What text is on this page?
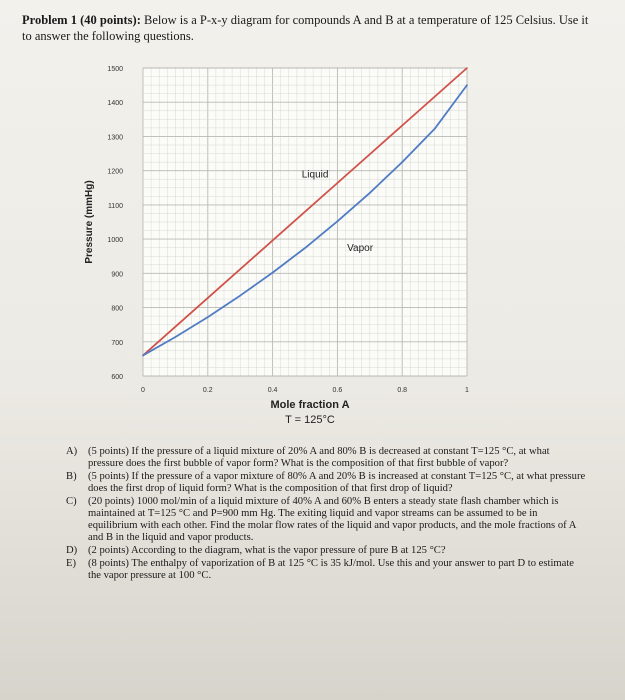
Problem 1 (40 points): Below is a P-x-y diagram for compounds A and B at a temperature of 125 Celsius. Use it to answer the following questions.
600
700
800
900
1000
1100
1200
1300
1400
1500
0	0.2	0.4	0.6	0.8	1
Mole fraction A
T = 125°C
Pressure (mmHg)
Liquid
Vapor
A) (5 points) If the pressure of a liquid mixture of 20% A and 80% B is decreased at constant T=125 °C, at what pressure does the first bubble of vapor form? What is the composition of that first bubble of vapor?
B) (5 points) If the pressure of a vapor mixture of 80% A and 20% B is increased at constant T=125 °C, at what pressure does the first drop of liquid form? What is the composition of that first drop of liquid?
C) (20 points) 1000 mol/min of a liquid mixture of 40% A and 60% B enters a steady state flash chamber which is maintained at T=125 °C and P=900 mm Hg. The exiting liquid and vapor streams can be assumed to be in equilibrium with each other. Find the molar flow rates of the liquid and vapor products, and the mole fractions of A and B in the liquid and vapor products.
D) (2 points) According to the diagram, what is the vapor pressure of pure B at 125 °C?
E) (8 points) The enthalpy of vaporization of B at 125 °C is 35 kJ/mol. Use this and your answer to part D to estimate the vapor pressure at 100 °C.
